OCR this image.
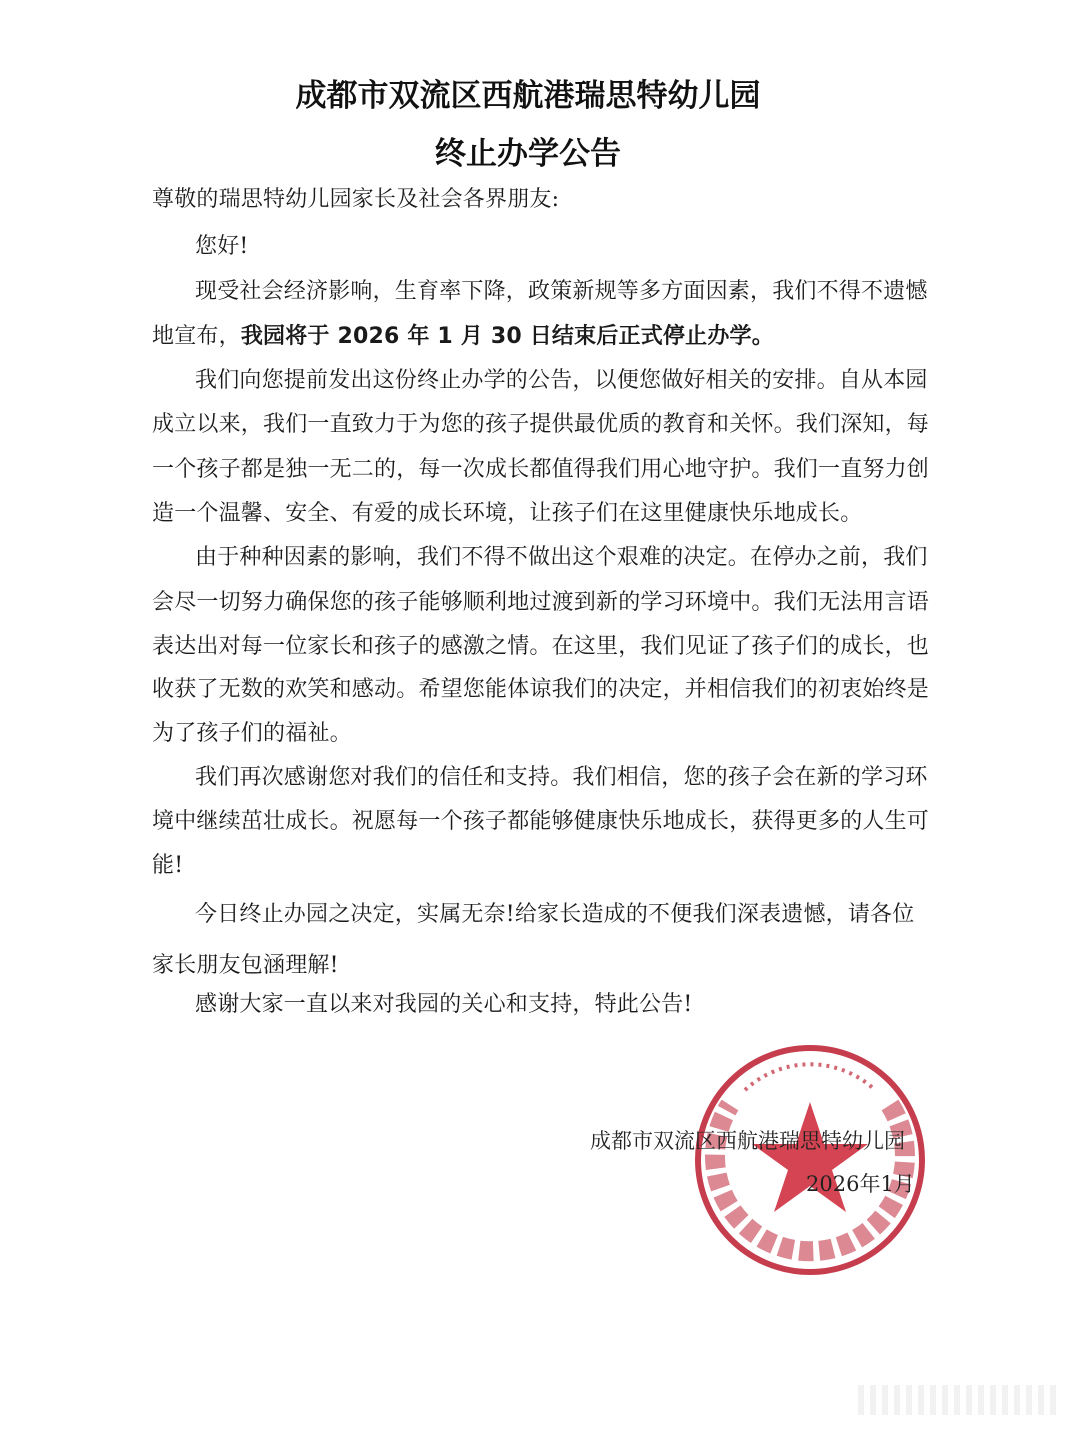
成都市双流区西航港瑞思特幼儿园
终止办学公告
尊敬的瑞思特幼儿园家长及社会各界朋友:
您好!
现受社会经济影响，生育率下降，政策新规等多方面因素，我们不得不遗憾
地宣布，我园将于 2026 年 1 月 30 日结束后正式停止办学。
我们向您提前发出这份终止办学的公告，以便您做好相关的安排。自从本园
成立以来，我们一直致力于为您的孩子提供最优质的教育和关怀。我们深知，每
一个孩子都是独一无二的，每一次成长都值得我们用心地守护。我们一直努力创
造一个温馨、安全、有爱的成长环境，让孩子们在这里健康快乐地成长。
由于种种因素的影响，我们不得不做出这个艰难的决定。在停办之前，我们
会尽一切努力确保您的孩子能够顺利地过渡到新的学习环境中。我们无法用言语
表达出对每一位家长和孩子的感激之情。在这里，我们见证了孩子们的成长，也
收获了无数的欢笑和感动。希望您能体谅我们的决定，并相信我们的初衷始终是
为了孩子们的福祉。
我们再次感谢您对我们的信任和支持。我们相信，您的孩子会在新的学习环
境中继续茁壮成长。祝愿每一个孩子都能够健康快乐地成长，获得更多的人生可
能!
今日终止办园之决定，实属无奈!给家长造成的不便我们深表遗憾，请各位
家长朋友包涵理解!
感谢大家一直以来对我园的关心和支持，特此公告!
成都市双流区西航港瑞思特幼儿园
2026年1月
